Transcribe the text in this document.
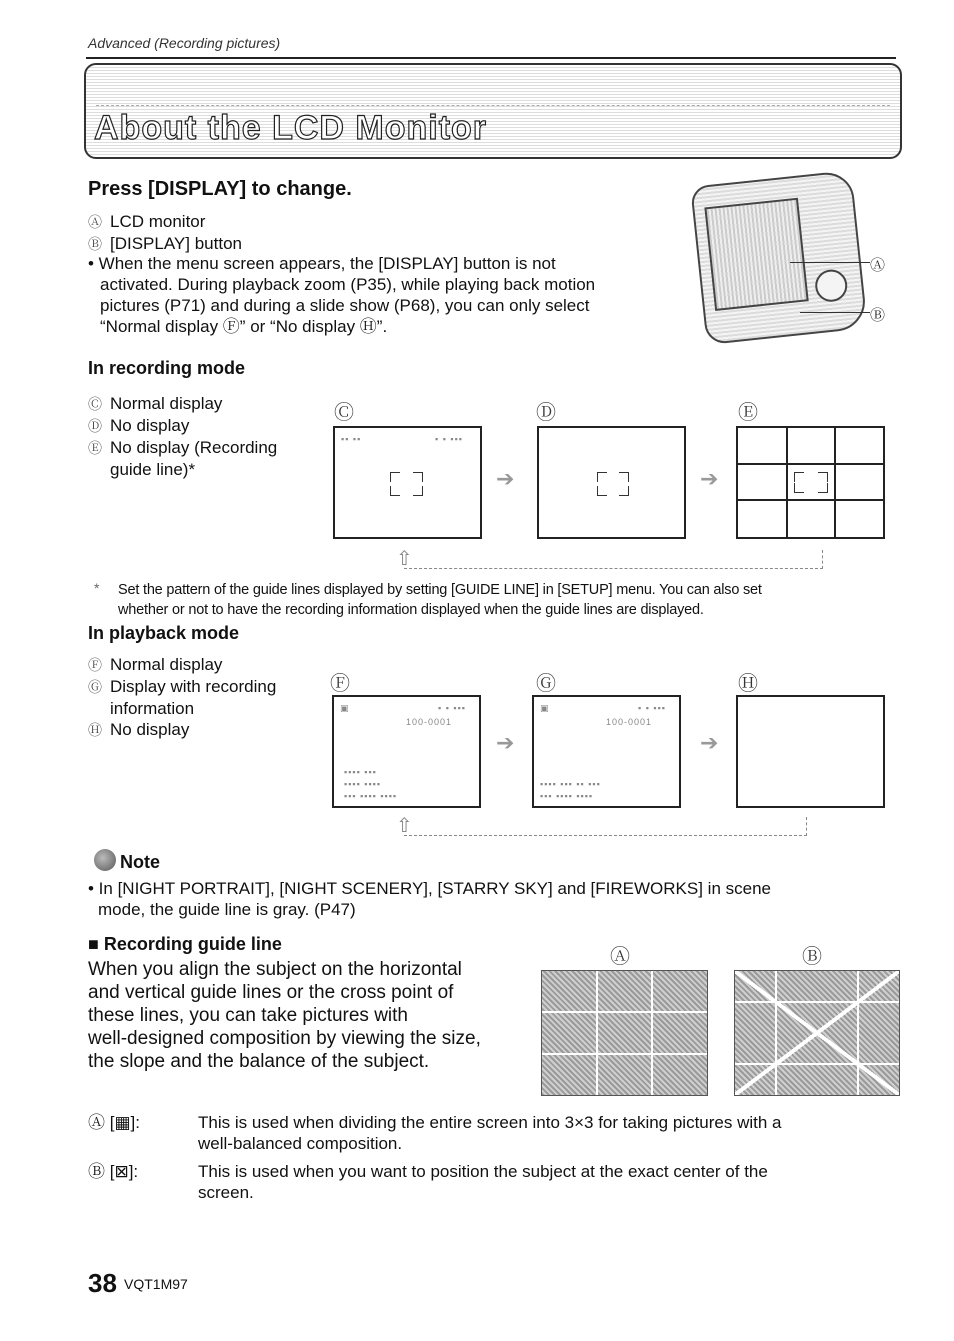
Advanced (Recording pictures)
About the LCD Monitor
Press [DISPLAY] to change.
Ⓐ LCD monitor
Ⓑ [DISPLAY] button
• When the menu screen appears, the [DISPLAY] button is not
activated. During playback zoom (P35), while playing back motion
pictures (P71) and during a slide show (P68), you can only select
“Normal display Ⓕ” or “No display Ⓗ”.
Ⓐ
Ⓑ
In recording mode
Ⓒ Normal display
Ⓓ No display
Ⓔ No display (Recording
guide line)*
Ⓒ	Ⓓ	Ⓔ
▪▪ ▪▪	▪ ▪ ▪▪▪
➔	➔
⇧
* Set the pattern of the guide lines displayed by setting [GUIDE LINE] in [SETUP] menu. You can also set
whether or not to have the recording information displayed when the guide lines are displayed.
In playback mode
Ⓕ Normal display
Ⓖ Display with recording
information
Ⓗ No display
Ⓕ	Ⓖ	Ⓗ
▣	▪ ▪ ▪▪▪
100-0001
▪▪▪▪ ▪▪▪
▪▪▪▪ ▪▪▪▪
▪▪▪ ▪▪▪▪ ▪▪▪▪
➔
▣	▪ ▪ ▪▪▪
100-0001
▪▪▪▪ ▪▪▪ ▪▪ ▪▪▪
▪▪▪ ▪▪▪▪ ▪▪▪▪
➔
⇧
Note
• In [NIGHT PORTRAIT], [NIGHT SCENERY], [STARRY SKY] and [FIREWORKS] in scene
mode, the guide line is gray. (P47)
■ Recording guide line
When you align the subject on the horizontal
and vertical guide lines or the cross point of
these lines, you can take pictures with
well-designed composition by viewing the size,
the slope and the balance of the subject.
Ⓐ	Ⓑ
Ⓐ [▦]:	This is used when dividing the entire screen into 3×3 for taking pictures with a
well-balanced composition.
Ⓑ [⊠]:	This is used when you want to position the subject at the exact center of the
screen.
38 VQT1M97
